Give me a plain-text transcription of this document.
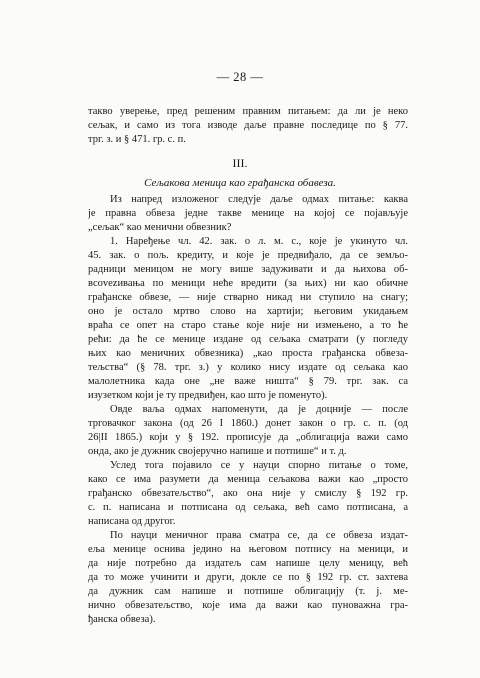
— 28 —
такво уверење, пред решеним правним питањем: да ли је неко
сељак, и само из тога изводе даље правне последице по § 77.
трг. з. и § 471. гр. с. п.
III.
Сељакова меница као грађанска обавеза.
Из напред изложеног следује даље одмах питање: каква
је правна обвеза једне такве менице на којој се појављује
„сељак“ као менични обвезник?
1. Наређење чл. 42. зак. о л. м. с., које је укинуто чл.
45. зак. о пољ. кредиту, и које је предвиђало, да се земљо-
радници меницом не могу више задуживати и да њихова об-
вcovezивања по меници неће вредити (за њих) ни као обичне
грађанске обвезе, — није стварно никад ни ступило на снагу;
оно је остало мртво слово на хартији; његовим укидањем
враћа се опет на старо стање које није ни измењено, а то ће
рећи: да ће се менице издане од сељака сматрати (у погледу
њих као меничних обвезника) „као проста грађанска обвеза-
тељства“ (§ 78. трг. з.) у колико нису издате од сељака као
малолетника када оне „не важе ништа“ § 79. трг. зак. са
изузетком који је ту предвиђен, као што је поменуто).
Овде ваља одмах напоменути, да је доцније — после
трговачког закона (од 26 I 1860.) донет закон о гр. с. п. (од
26|II 1865.) који у § 192. прописује да „облигација важи само
онда, ако је дужник својеручно напише и потпише“ и т. д.
Услед тога појавило се у науци спорно питање о томе,
како се има разумети да меница сељакова важи као „просто
грађанско обвезатељство“, ако она није у смислу § 192 гр.
с. п. написана и потписана од сељака, већ само потписана, а
написана од другог.
По науци меничног права сматра се, да се обвеза издат-
еља менице оснива једино на његовом потпису на меници, и
да није потребно да издатељ сам напише целу меницу, већ
да то може учинити и други, докле се по § 192 гр. ст. захтева
да дужник сам напише и потпише облигацију (т. ј. ме-
нично обвезатељство, које има да важи као пуноважна гра-
ђанска обвеза).
